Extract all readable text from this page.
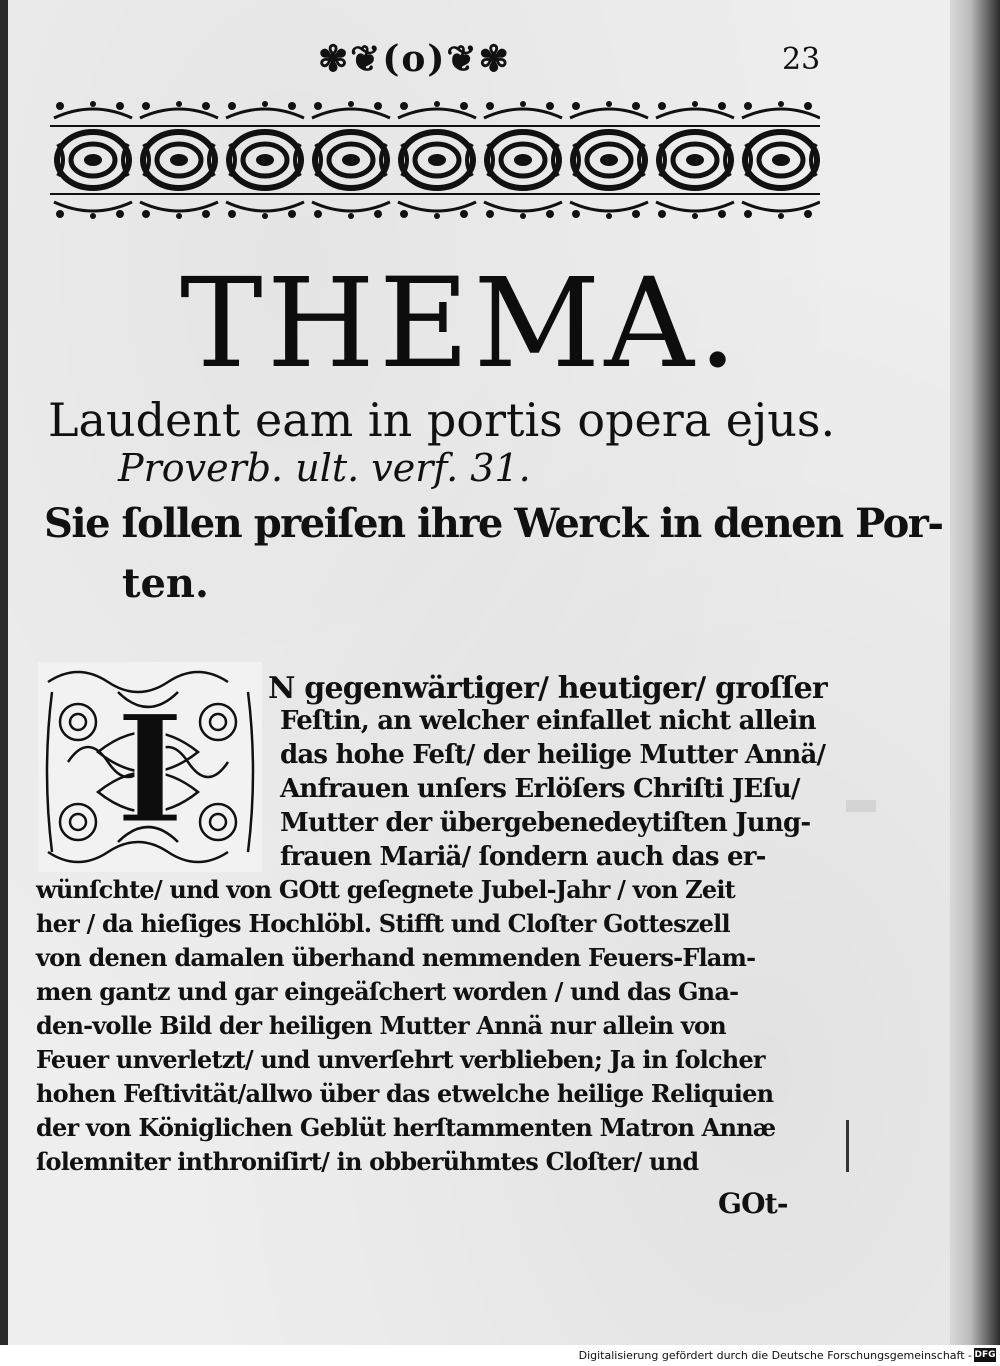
✾❦(o)❦✾	23
THEMA.
Laudent eam in portis opera ejus.
Proverb. ult. verf. 31.
Sie ſollen preiſen ihre Werck in denen Por-
ten.
I	N gegenwärtiger/ heutiger/ groſſer
Feſtin, an welcher einfallet nicht allein
das hohe Feſt/ der heilige Mutter Annä/
Anfrauen unſers Erlöſers Chriſti JEſu/
Mutter der übergebenedeytiſten Jung-
frauen Mariä/ ſondern auch das er-
wünſchte/ und von GOtt geſegnete Jubel-Jahr / von Zeit
her / da hieſiges Hochlöbl. Stifft und Cloſter Gotteszell
von denen damalen überhand nemmenden Feuers-Flam-
men gantz und gar eingeäſchert worden / und das Gna-
den-volle Bild der heiligen Mutter Annä nur allein von
Feuer unverletzt/ und unverſehrt verblieben; Ja in ſolcher
hohen Feſtivität/allwo über das etwelche heilige Reliquien
der von Königlichen Geblüt herſtammenten Matron Annæ
ſolemniter inthroniſirt/ in obberühmtes Cloſter/ und
GOt-
Digitalisierung gefördert durch die Deutsche Forschungsgemeinschaft - DFG
